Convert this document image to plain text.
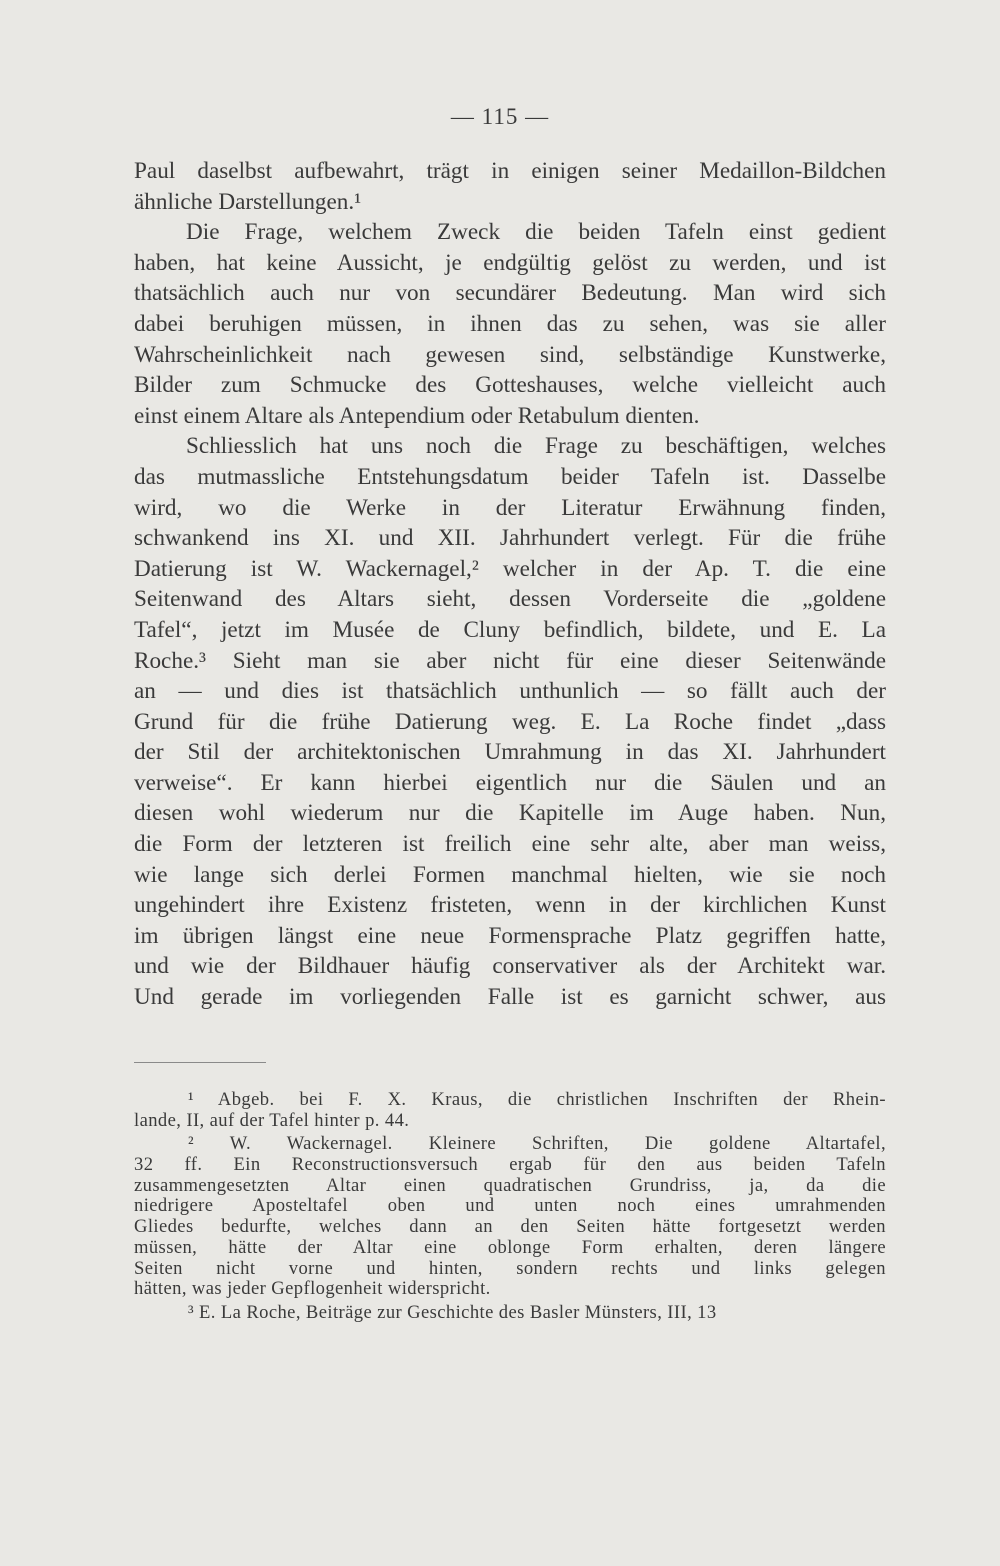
— 115 —
Paul daselbst aufbewahrt, trägt in einigen seiner Medaillon-Bildchen
ähnliche Darstellungen.¹
Die Frage, welchem Zweck die beiden Tafeln einst gedient
haben, hat keine Aussicht, je endgültig gelöst zu werden, und ist
thatsächlich auch nur von secundärer Bedeutung. Man wird sich
dabei beruhigen müssen, in ihnen das zu sehen, was sie aller
Wahrscheinlichkeit nach gewesen sind, selbständige Kunstwerke,
Bilder zum Schmucke des Gotteshauses, welche vielleicht auch
einst einem Altare als Antependium oder Retabulum dienten.
Schliesslich hat uns noch die Frage zu beschäftigen, welches
das mutmassliche Entstehungsdatum beider Tafeln ist. Dasselbe
wird, wo die Werke in der Literatur Erwähnung finden,
schwankend ins XI. und XII. Jahrhundert verlegt. Für die frühe
Datierung ist W. Wackernagel,² welcher in der Ap. T. die eine
Seitenwand des Altars sieht, dessen Vorderseite die „goldene
Tafel“, jetzt im Musée de Cluny befindlich, bildete, und E. La
Roche.³ Sieht man sie aber nicht für eine dieser Seitenwände
an — und dies ist thatsächlich unthunlich — so fällt auch der
Grund für die frühe Datierung weg. E. La Roche findet „dass
der Stil der architektonischen Umrahmung in das XI. Jahrhundert
verweise“. Er kann hierbei eigentlich nur die Säulen und an
diesen wohl wiederum nur die Kapitelle im Auge haben. Nun,
die Form der letzteren ist freilich eine sehr alte, aber man weiss,
wie lange sich derlei Formen manchmal hielten, wie sie noch
ungehindert ihre Existenz fristeten, wenn in der kirchlichen Kunst
im übrigen längst eine neue Formensprache Platz gegriffen hatte,
und wie der Bildhauer häufig conservativer als der Architekt war.
Und gerade im vorliegenden Falle ist es garnicht schwer, aus
¹ Abgeb. bei F. X. Kraus, die christlichen Inschriften der Rhein-
lande, II, auf der Tafel hinter p. 44.
² W. Wackernagel. Kleinere Schriften, Die goldene Altartafel,
32 ff. Ein Reconstructionsversuch ergab für den aus beiden Tafeln
zusammengesetzten Altar einen quadratischen Grundriss, ja, da die
niedrigere Aposteltafel oben und unten noch eines umrahmenden
Gliedes bedurfte, welches dann an den Seiten hätte fortgesetzt werden
müssen, hätte der Altar eine oblonge Form erhalten, deren längere
Seiten nicht vorne und hinten, sondern rechts und links gelegen
hätten, was jeder Gepflogenheit widerspricht.
³ E. La Roche, Beiträge zur Geschichte des Basler Münsters, III, 13
